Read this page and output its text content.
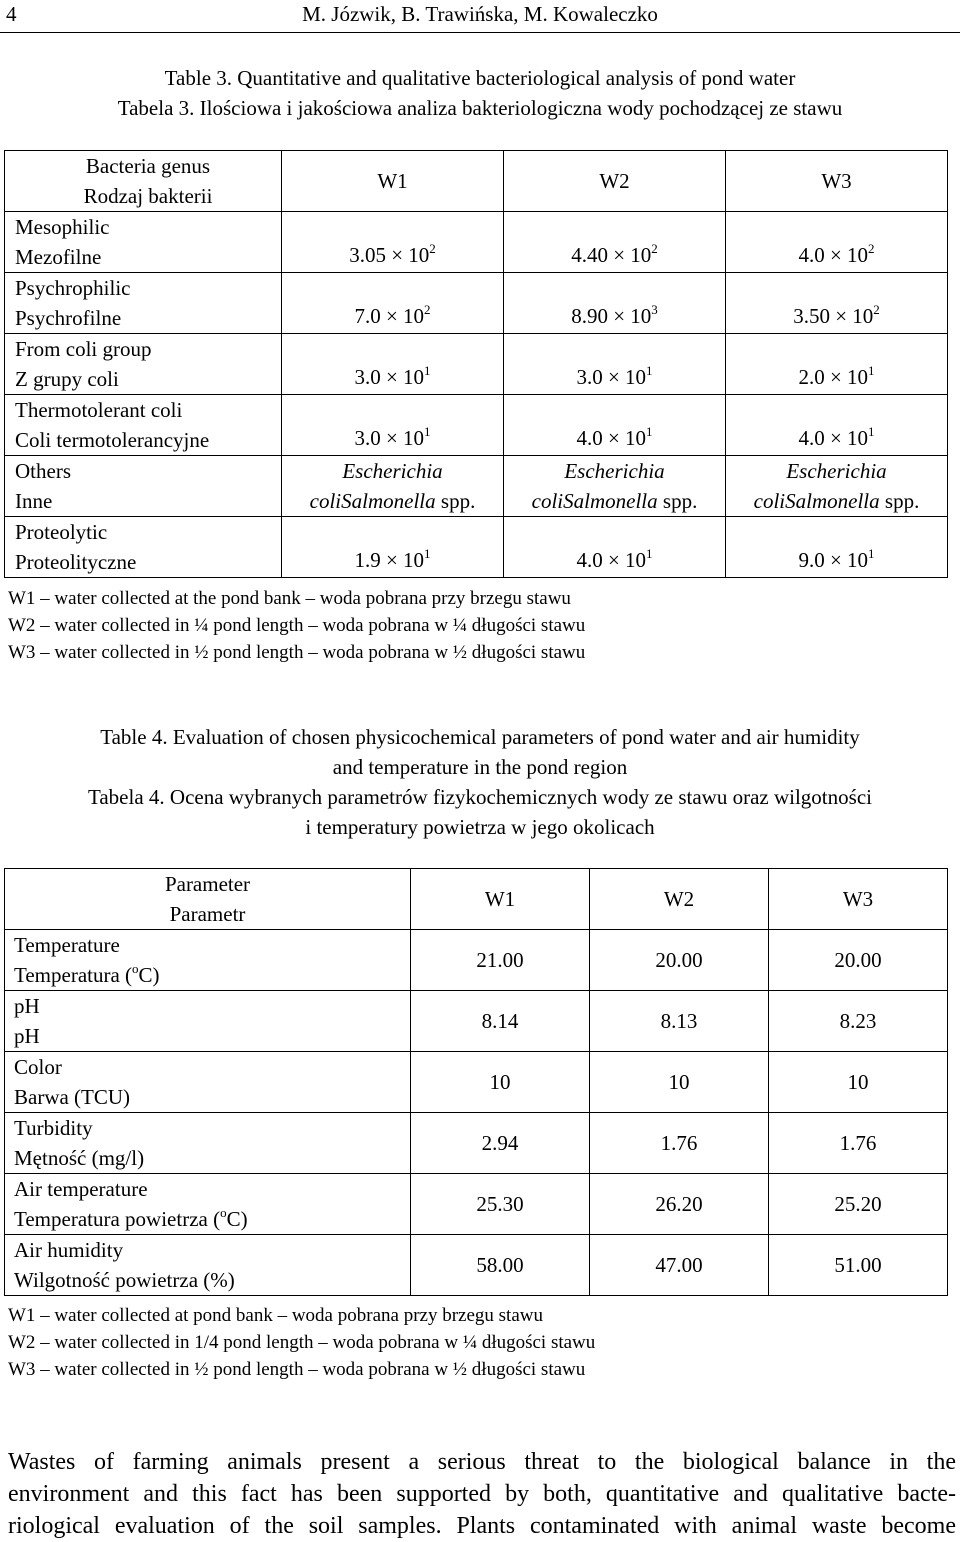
4	M. Józwik, B. Trawińska, M. Kowaleczko
Table 3. Quantitative and qualitative bacteriological analysis of pond water
Tabela 3. Ilościowa i jakościowa analiza bakteriologiczna wody pochodzącej ze stawu
Bacteria genus
Rodzaj bakterii	W1	W2	W3

Mesophilic
Mezofilne	$3.05 \times 10^2$	$4.40 \times 10^2$	$4.0 \times 10^2$

Psychrophilic
Psychrofilne	$7.0 \times 10^2$	$8.90 \times 10^3$	$3.50 \times 10^2$

From coli group
Z grupy coli	$3.0 \times 10^1$	$3.0 \times 10^1$	$2.0 \times 10^1$

Thermotolerant coli
Coli termotolerancyjne	$3.0 \times 10^1$	$4.0 \times 10^1$	$4.0 \times 10^1$

Others
Inne	Escherichia coliSalmonella spp.	Escherichia coliSalmonella spp.	Escherichia coliSalmonella spp.

Proteolytic
Proteolityczne	$1.9 \times 10^1$	$4.0 \times 10^1$	$9.0 \times 10^1$
W1 – water collected at the pond bank – woda pobrana przy brzegu stawu
W2 – water collected in ¼ pond length – woda pobrana w ¼ długości stawu
W3 – water collected in ½ pond length – woda pobrana w ½ długości stawu
Table 4. Evaluation of chosen physicochemical parameters of pond water and air humidity
and temperature in the pond region
Tabela 4. Ocena wybranych parametrów fizykochemicznych wody ze stawu oraz wilgotności
i temperatury powietrza w jego okolicach
Parameter
Parametr	W1	W2	W3

Temperature
Temperatura ($^o$C)	21.00	20.00	20.00

pH
pH	8.14	8.13	8.23

Color
Barwa (TCU)	10	10	10

Turbidity
Mętność (mg/l)	2.94	1.76	1.76

Air temperature
Temperatura powietrza ($^o$C)	25.30	26.20	25.20

Air humidity
Wilgotność powietrza (%)	58.00	47.00	51.00
W1 – water collected at pond bank – woda pobrana przy brzegu stawu
W2 – water collected in 1/4 pond length – woda pobrana w ¼ długości stawu
W3 – water collected in ½ pond length – woda pobrana w ½ długości stawu
Wastes of farming animals present a serious threat to the biological balance in the
environment and this fact has been supported by both, quantitative and qualitative bacte-
riological evaluation of the soil samples. Plants contaminated with animal waste become
